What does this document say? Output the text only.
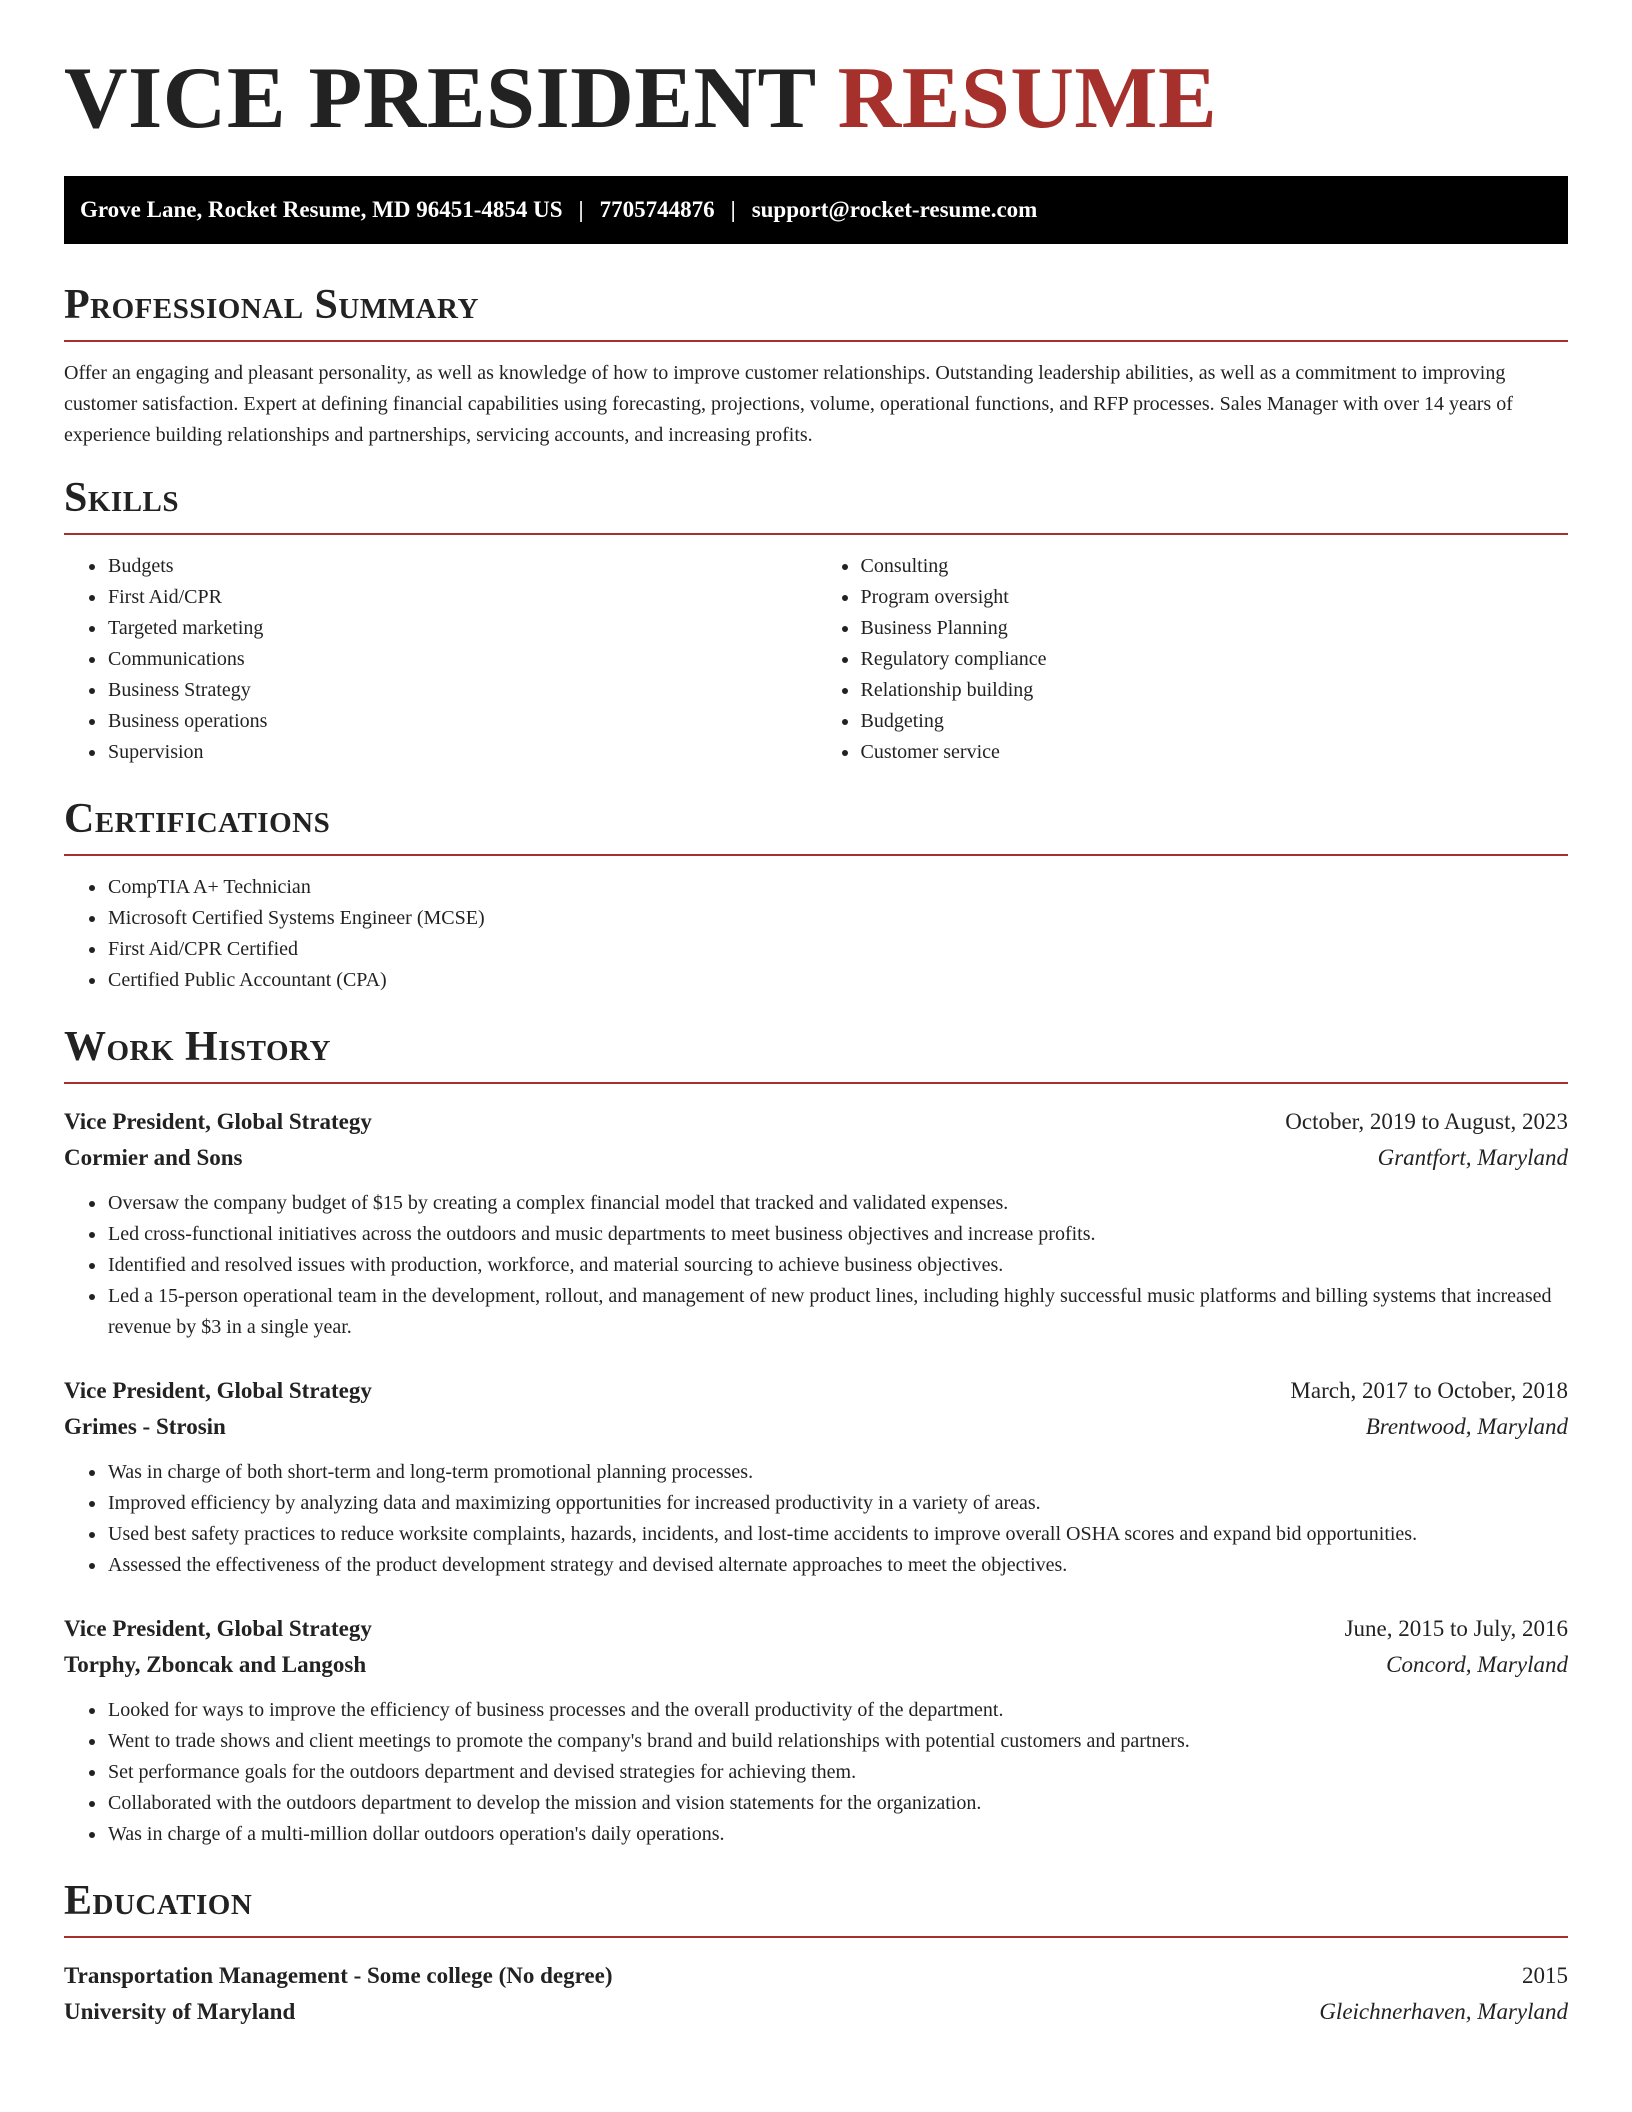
VICE PRESIDENT RESUME
Grove Lane, Rocket Resume, MD 96451-4854 US | 7705744876 | support@rocket-resume.com
Professional Summary

Offer an engaging and pleasant personality, as well as knowledge of how to improve customer relationships. Outstanding leadership abilities, as well as a commitment to improving customer satisfaction. Expert at defining financial capabilities using forecasting, projections, volume, operational functions, and RFP processes. Sales Manager with over 14 years of experience building relationships and partnerships, servicing accounts, and increasing profits.

Skills
• Budgets
• First Aid/CPR
• Targeted marketing
• Communications
• Business Strategy
• Business operations
• Supervision
• Consulting
• Program oversight
• Business Planning
• Regulatory compliance
• Relationship building
• Budgeting
• Customer service
Certifications
• CompTIA A+ Technician
• Microsoft Certified Systems Engineer (MCSE)
• First Aid/CPR Certified
• Certified Public Accountant (CPA)
Work History
Vice President, Global Strategy	October, 2019 to August, 2023
Cormier and Sons	Grantfort, Maryland
• Oversaw the company budget of $15 by creating a complex financial model that tracked and validated expenses.
• Led cross-functional initiatives across the outdoors and music departments to meet business objectives and increase profits.
• Identified and resolved issues with production, workforce, and material sourcing to achieve business objectives.
• Led a 15-person operational team in the development, rollout, and management of new product lines, including highly successful music platforms and billing systems that increased revenue by $3 in a single year.
Vice President, Global Strategy	March, 2017 to October, 2018
Grimes - Strosin	Brentwood, Maryland
• Was in charge of both short-term and long-term promotional planning processes.
• Improved efficiency by analyzing data and maximizing opportunities for increased productivity in a variety of areas.
• Used best safety practices to reduce worksite complaints, hazards, incidents, and lost-time accidents to improve overall OSHA scores and expand bid opportunities.
• Assessed the effectiveness of the product development strategy and devised alternate approaches to meet the objectives.
Vice President, Global Strategy	June, 2015 to July, 2016
Torphy, Zboncak and Langosh	Concord, Maryland
• Looked for ways to improve the efficiency of business processes and the overall productivity of the department.
• Went to trade shows and client meetings to promote the company's brand and build relationships with potential customers and partners.
• Set performance goals for the outdoors department and devised strategies for achieving them.
• Collaborated with the outdoors department to develop the mission and vision statements for the organization.
• Was in charge of a multi-million dollar outdoors operation's daily operations.
Education
Transportation Management - Some college (No degree)	2015
University of Maryland	Gleichnerhaven, Maryland
